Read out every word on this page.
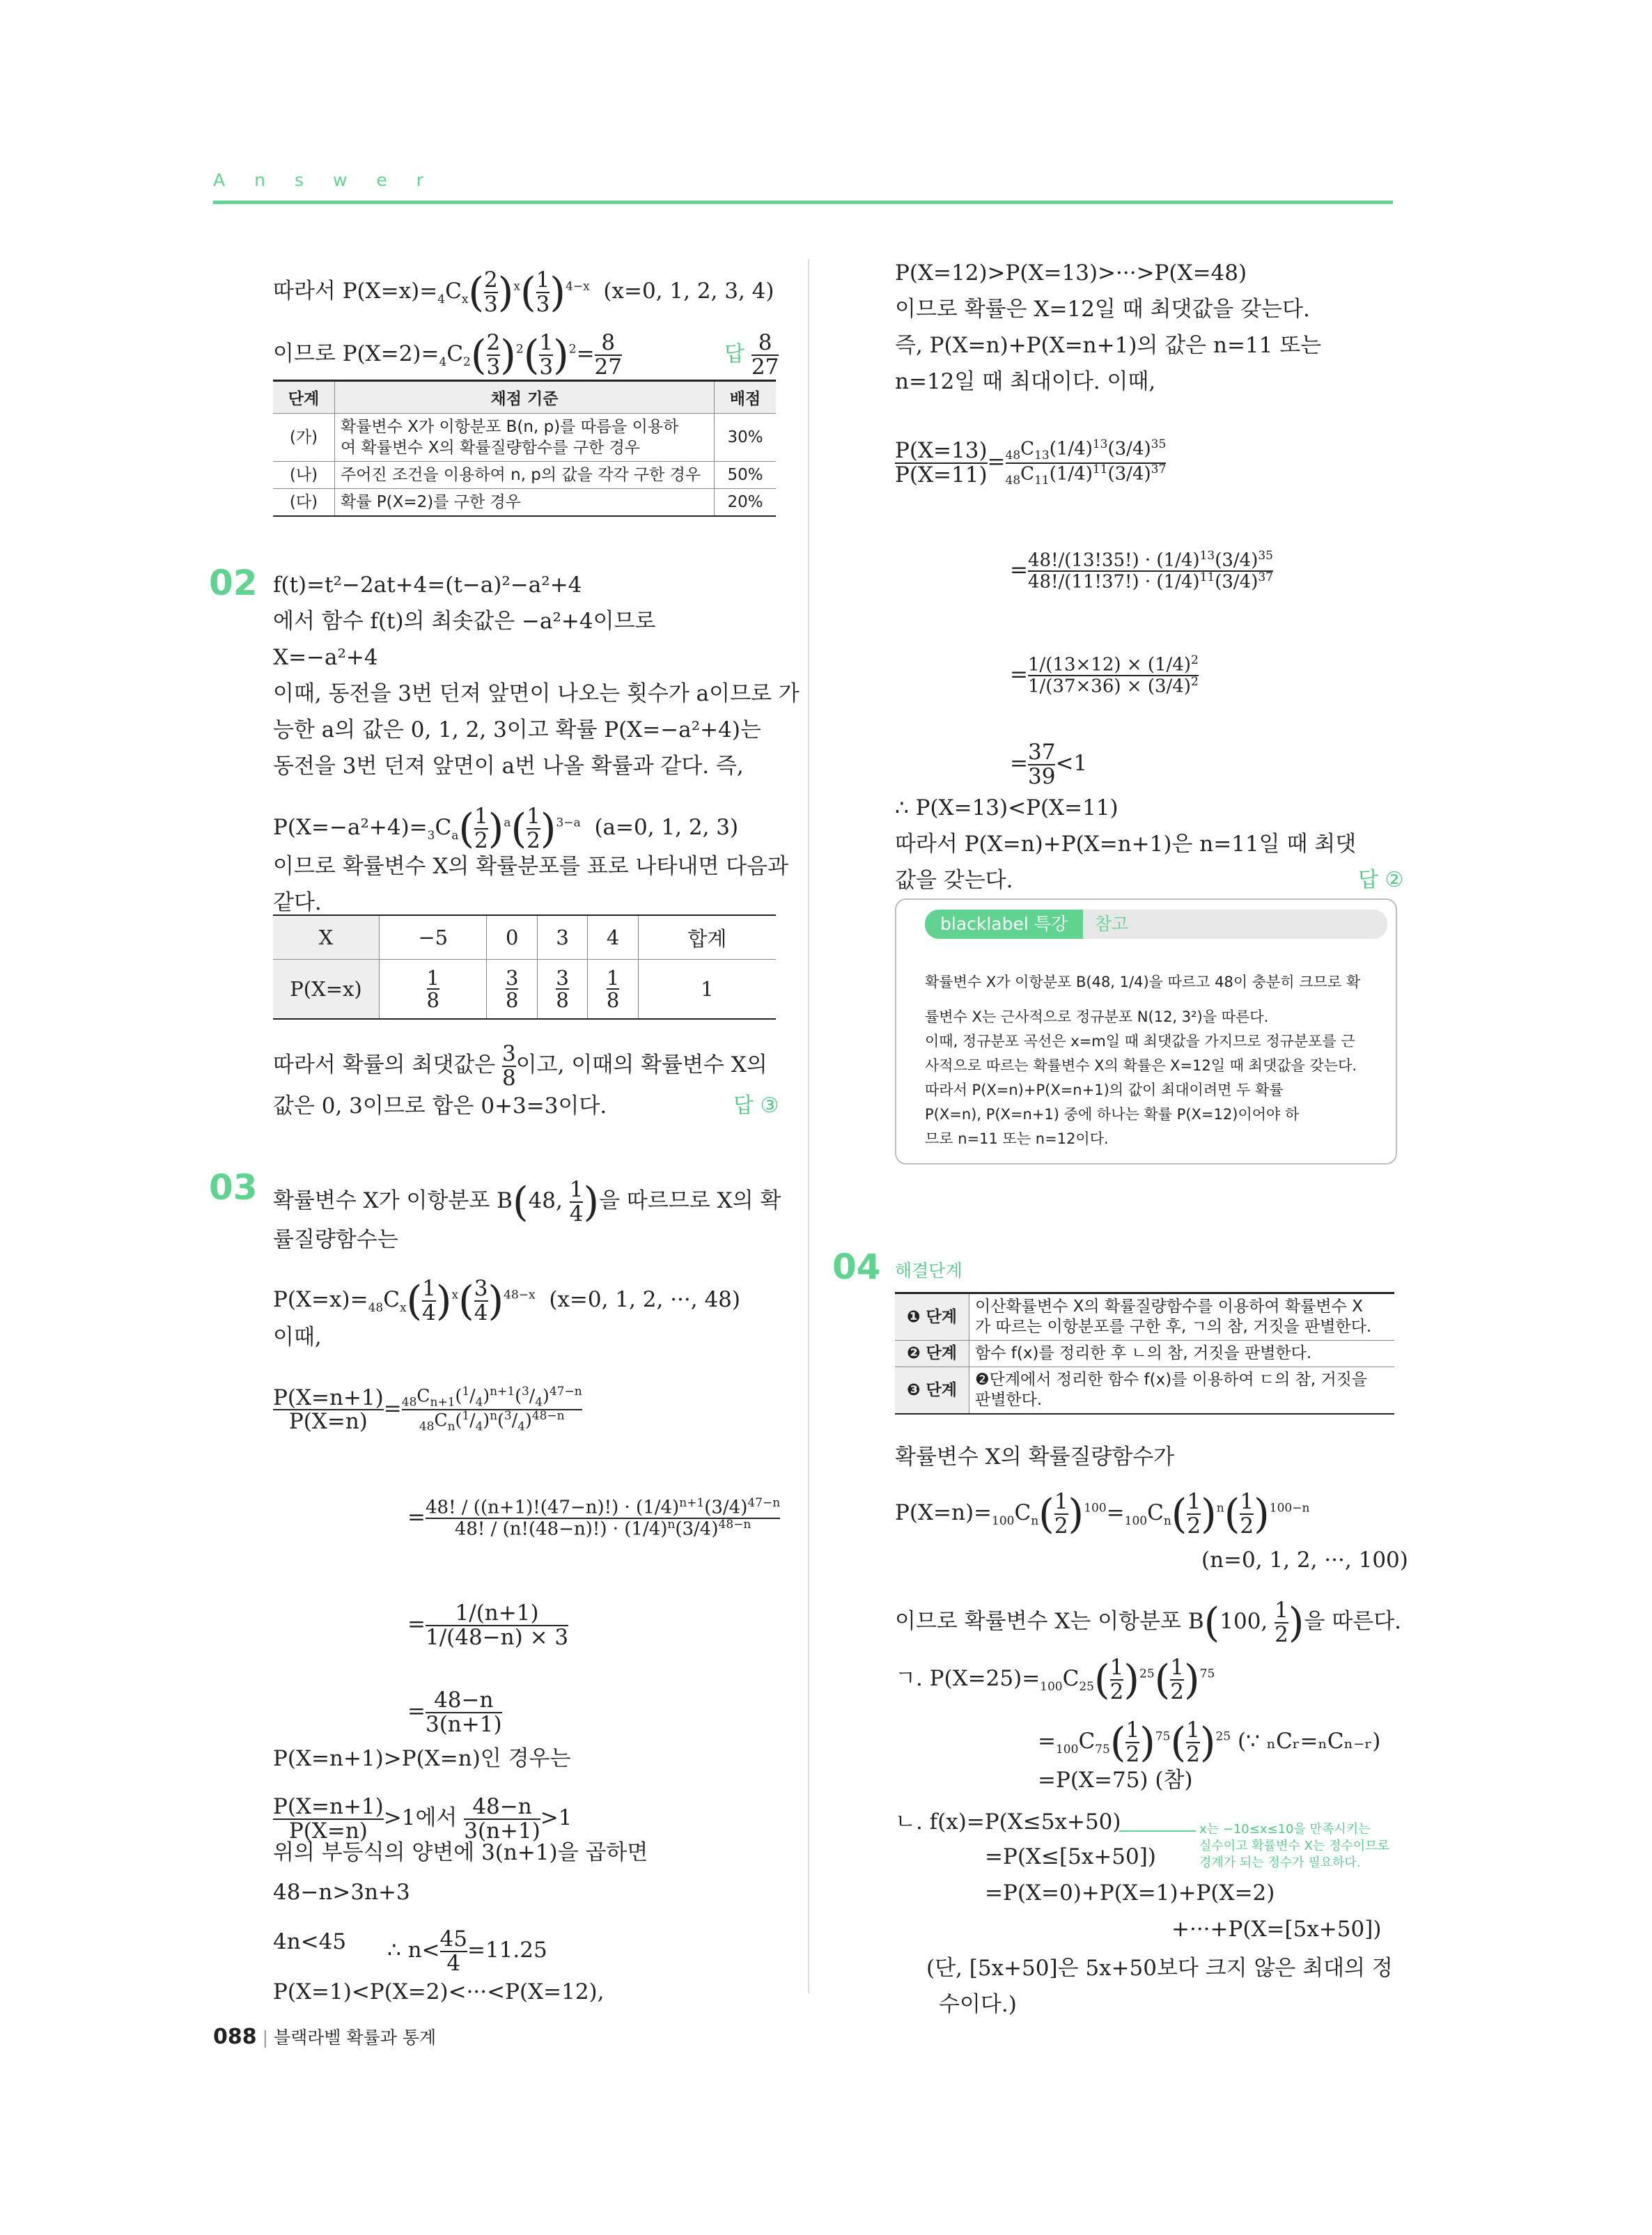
Answer
따라서 $P(X=x)=_4C_x( \frac{2}{3} )^x( \frac{1}{3} )^{4-x}$ (x=0, 1, 2, 3, 4)
이므로 $P(X=2)=_4C_2( \frac{2}{3} )^2( \frac{1}{3} )^2= \frac{8}{27}$	답 $\frac{8}{27}$
단계	채점 기준	배점
(가)	확률변수 X가 이항분포 B(n, p)를 따름을 이용하
여 확률변수 X의 확률질량함수를 구한 경우	30%
(나)	주어진 조건을 이용하여 n, p의 값을 각각 구한 경우	50%
(다)	확률 P(X=2)를 구한 경우	20%
02 f(t)=t²−2at+4=(t−a)²−a²+4
에서 함수 f(t)의 최솟값은 −a²+4이므로
X=−a²+4
이때, 동전을 3번 던져 앞면이 나오는 횟수가 a이므로 가
능한 a의 값은 0, 1, 2, 3이고 확률 P(X=−a²+4)는
동전을 3번 던져 앞면이 a번 나올 확률과 같다. 즉,
$P(X=-a^2+4)=_3C_a( \frac{1}{2} )^a( \frac{1}{2} )^{3-a}$ (a=0, 1, 2, 3)
이므로 확률변수 X의 확률분포를 표로 나타내면 다음과
같다.
X	−5	0	3	4	합계
P(X=x)	$\frac{1}{8}$	$\frac{3}{8}$	$\frac{3}{8}$	$\frac{1}{8}$	1
따라서 확률의 최댓값은 $\frac{3}{8}$ 이고, 이때의 확률변수 X의
값은 0, 3이므로 합은 0+3=3이다.	답 ③
03 확률변수 X가 이항분포 B(48, $\frac{1}{4}$ )을 따르므로 X의 확
률질량함수는
$P(X=x)=_{48}C_x( \frac{1}{4} )^x( \frac{3}{4} )^{48-x}$ (x=0, 1, 2, ···, 48)
이때,
$\frac{P(X=n+1)}{P(X=n)} = \frac{_{48}C_{n+1}(^1/_4)^{n+1}(^3/_4)^{47-n}}{_{48}C_n(^1/_4)^n(^3/_4)^{48-n}}$
= $\frac{48! / ((n+1)!(47-n)!) \cdot (1/4)^{n+1}(3/4)^{47-n}}{48! / (n!(48-n)!) \cdot (1/4)^n(3/4)^{48-n}}$
= $\frac{1/(n+1)}{1/(48-n) \times 3}$
= $\frac{48-n}{3(n+1)}$
P(X=n+1)>P(X=n)인 경우는
$\frac{P(X=n+1)}{P(X=n)} >1$에서 $\frac{48-n}{3(n+1)} >1$
위의 부등식의 양변에 3(n+1)을 곱하면
48−n>3n+3
4n<45 ∴ $n< \frac{45}{4} =11.25$
P(X=1)<P(X=2)<···<P(X=12),
088 | 블랙라벨 확률과 통계
P(X=12)>P(X=13)>···>P(X=48)
이므로 확률은 X=12일 때 최댓값을 갖는다.
즉, P(X=n)+P(X=n+1)의 값은 n=11 또는
n=12일 때 최대이다. 이때,
$\frac{P(X=13)}{P(X=11)} = \frac{_{48}C_{13}(1/4)^{13}(3/4)^{35}}{_{48}C_{11}(1/4)^{11}(3/4)^{37}}$
= $\frac{48!/(13!35!) \cdot (1/4)^{13}(3/4)^{35}}{48!/(11!37!) \cdot (1/4)^{11}(3/4)^{37}}$
= $\frac{1/(13\times 12) \times (1/4)^2}{1/(37\times 36) \times (3/4)^2}$
= $\frac{37}{39} <1$
∴ P(X=13)<P(X=11)
따라서 P(X=n)+P(X=n+1)은 n=11일 때 최댓
값을 갖는다.	답 ②
blacklabel 특강	참고
확률변수 X가 이항분포 B(48, 1/4)을 따르고 48이 충분히 크므로 확
률변수 X는 근사적으로 정규분포 N(12, 3²)을 따른다.
이때, 정규분포 곡선은 x=m일 때 최댓값을 가지므로 정규분포를 근
사적으로 따르는 확률변수 X의 확률은 X=12일 때 최댓값을 갖는다.
따라서 P(X=n)+P(X=n+1)의 값이 최대이려면 두 확률
P(X=n), P(X=n+1) 중에 하나는 확률 P(X=12)이어야 하
므로 n=11 또는 n=12이다.
04 해결단계
❶ 단계	이산확률변수 X의 확률질량함수를 이용하여 확률변수 X
가 따르는 이항분포를 구한 후, ㄱ의 참, 거짓을 판별한다.
❷ 단계	함수 f(x)를 정리한 후 ㄴ의 참, 거짓을 판별한다.
❸ 단계	❷단계에서 정리한 함수 f(x)를 이용하여 ㄷ의 참, 거짓을
판별한다.
확률변수 X의 확률질량함수가
$P(X=n)=_{100}C_n( \frac{1}{2} )^{100}=_{100}C_n( \frac{1}{2} )^n( \frac{1}{2} )^{100-n}$
(n=0, 1, 2, ···, 100)
이므로 확률변수 X는 이항분포 B(100, $\frac{1}{2}$ )을 따른다.
ㄱ. $P(X=25)=_{100}C_{25}( \frac{1}{2} )^{25}( \frac{1}{2} )^{75}$
$=_{100}C_{75}( \frac{1}{2} )^{75}( \frac{1}{2} )^{25}$ (∵ ₙCᵣ=ₙCₙ₋ᵣ)
=P(X=75) (참)
ㄴ. f(x)=P(X≤5x+50)
=P(X≤[5x+50])
=P(X=0)+P(X=1)+P(X=2)
+···+P(X=[5x+50])
x는 −10≤x≤10을 만족시키는
실수이고 확률변수 X는 정수이므로
경계가 되는 정수가 필요하다.
(단, [5x+50]은 5x+50보다 크지 않은 최대의 정
수이다.)
